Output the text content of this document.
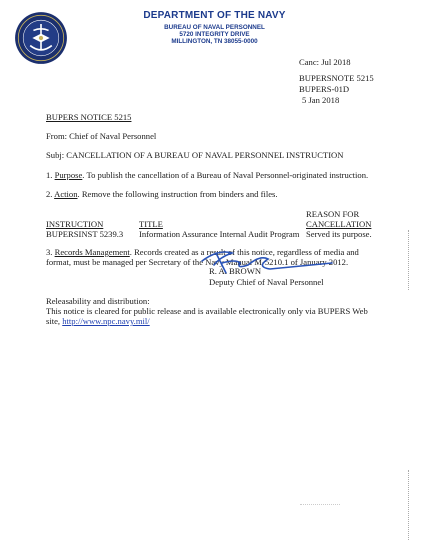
DEPARTMENT OF THE NAVY
BUREAU OF NAVAL PERSONNEL
5720 INTEGRITY DRIVE
MILLINGTON, TN 38055-0000
Canc: Jul 2018
BUPERSNOTE 5215
BUPERS-01D
5 Jan 2018
BUPERS NOTICE 5215
From: Chief of Naval Personnel
Subj: CANCELLATION OF A BUREAU OF NAVAL PERSONNEL INSTRUCTION
1. Purpose. To publish the cancellation of a Bureau of Naval Personnel-originated instruction.
2. Action. Remove the following instruction from binders and files.
REASON FOR
INSTRUCTION	TITLE	CANCELLATION
BUPERSINST 5239.3 Information Assurance Internal Audit Program Served its purpose.
3. Records Management. Records created as a result of this notice, regardless of media and
format, must be managed per Secretary of the Navy Manual M-5210.1 of January 2012.
R. A. BROWN
Deputy Chief of Naval Personnel
Releasability and distribution:
This notice is cleared for public release and is available electronically only via BUPERS Web
site, http://www.npc.navy.mil/
